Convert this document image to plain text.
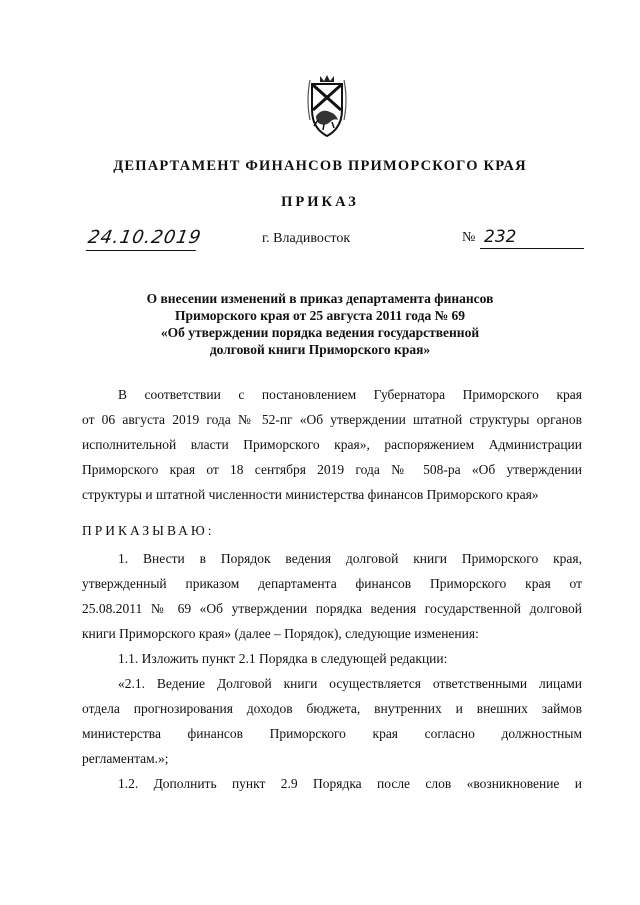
ДЕПАРТАМЕНТ ФИНАНСОВ ПРИМОРСКОГО КРАЯ
ПРИКАЗ
24.10.2019	г. Владивосток	№ 232
О внесении изменений в приказ департамента финансов
Приморского края от 25 августа 2011 года № 69
«Об утверждении порядка ведения государственной
долговой книги Приморского края»
В соответствии с постановлением Губернатора Приморского края
от 06 августа 2019 года № 52-пг «Об утверждении штатной структуры органов
исполнительной власти Приморского края», распоряжением Администрации
Приморского края от 18 сентября 2019 года № 508-ра «Об утверждении
структуры и штатной численности министерства финансов Приморского края»
ПРИКАЗЫВАЮ:
1. Внести в Порядок ведения долговой книги Приморского края,
утвержденный приказом департамента финансов Приморского края от
25.08.2011 № 69 «Об утверждении порядка ведения государственной долговой
книги Приморского края» (далее – Порядок), следующие изменения:
1.1. Изложить пункт 2.1 Порядка в следующей редакции:
«2.1. Ведение Долговой книги осуществляется ответственными лицами
отдела прогнозирования доходов бюджета, внутренних и внешних займов
министерства финансов Приморского края согласно должностным
регламентам.»;
1.2. Дополнить пункт 2.9 Порядка после слов «возникновение и
